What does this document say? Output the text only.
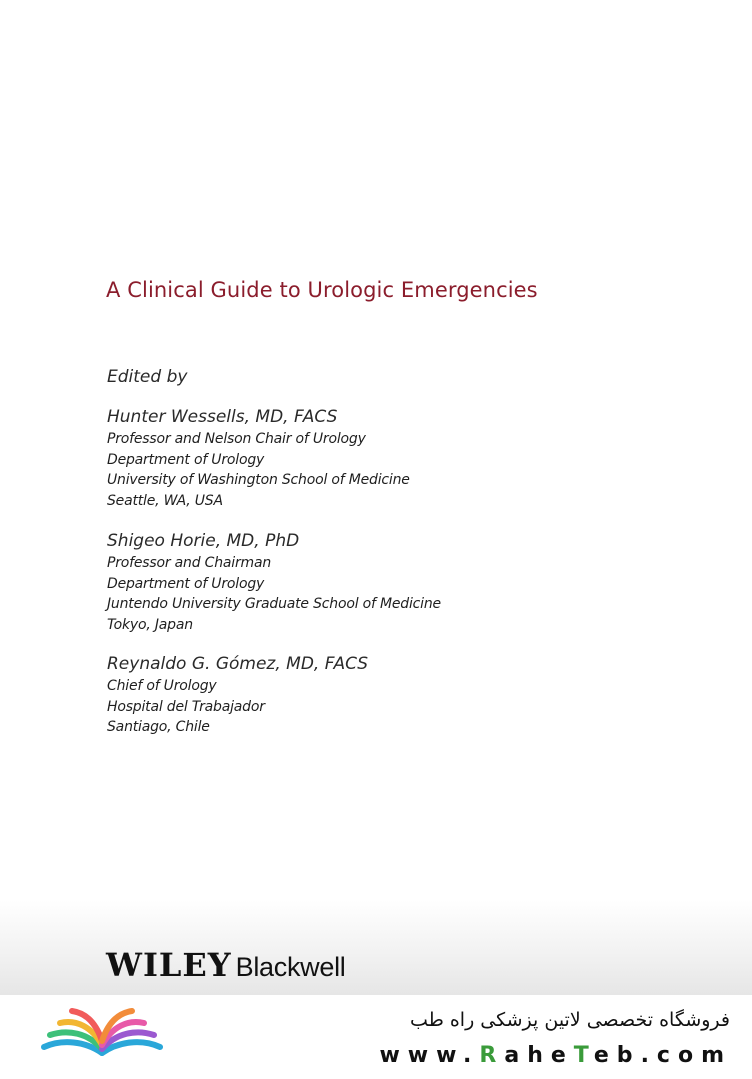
A Clinical Guide to Urologic Emergencies
Edited by
Hunter Wessells, MD, FACS
Professor and Nelson Chair of Urology
Department of Urology
University of Washington School of Medicine
Seattle, WA, USA
Shigeo Horie, MD, PhD
Professor and Chairman
Department of Urology
Juntendo University Graduate School of Medicine
Tokyo, Japan
Reynaldo G. Gómez, MD, FACS
Chief of Urology
Hospital del Trabajador
Santiago, Chile
WILEY Blackwell
فروشگاه تخصصی لاتین پزشکی راه طب
www.RaheTeb.com
